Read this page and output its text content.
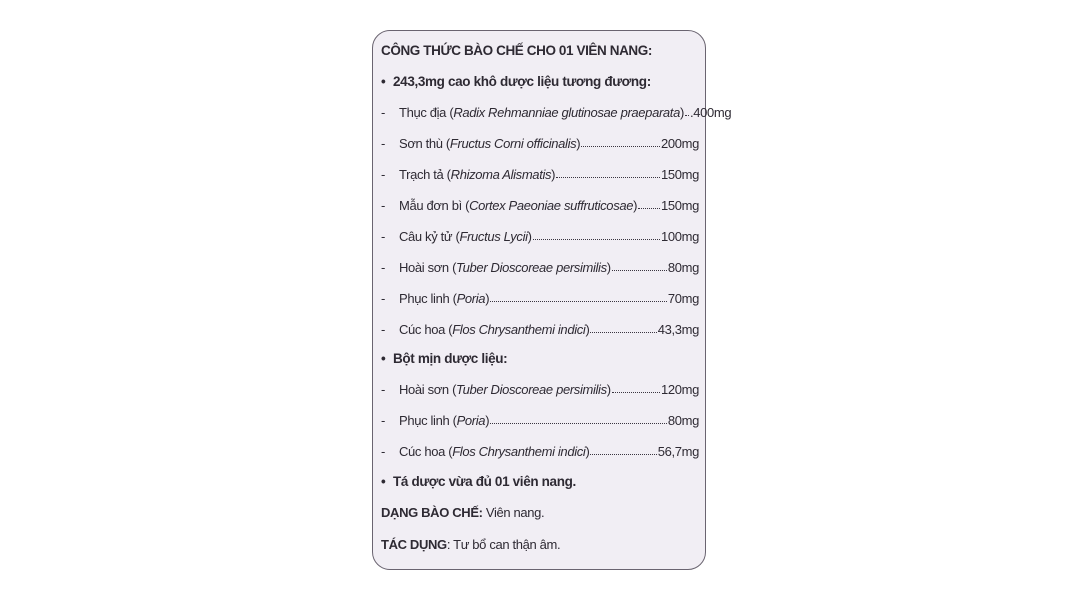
CÔNG THỨC BÀO CHẾ CHO 01 VIÊN NANG:
• 243,3mg cao khô dược liệu tương đương:
-	Thục địa (Radix Rehmanniae glutinosae praeparata) .400mg
-	Sơn thù (Fructus Corni officinalis)	200mg
-	Trạch tả (Rhizoma Alismatis)	150mg
-	Mẫu đơn bì (Cortex Paeoniae suffruticosae) 150mg
-	Câu kỷ tử (Fructus Lycii)	100mg
-	Hoài sơn (Tuber Dioscoreae persimilis)	80mg
-	Phục linh (Poria)	70mg
-	Cúc hoa (Flos Chrysanthemi indici)	43,3mg
• Bột mịn dược liệu:
-	Hoài sơn (Tuber Dioscoreae persimilis)	120mg
-	Phục linh (Poria)	80mg
-	Cúc hoa (Flos Chrysanthemi indici)	56,7mg
• Tá dược vừa đủ 01 viên nang.
DẠNG BÀO CHẾ: Viên nang.
TÁC DỤNG: Tư bổ can thận âm.
